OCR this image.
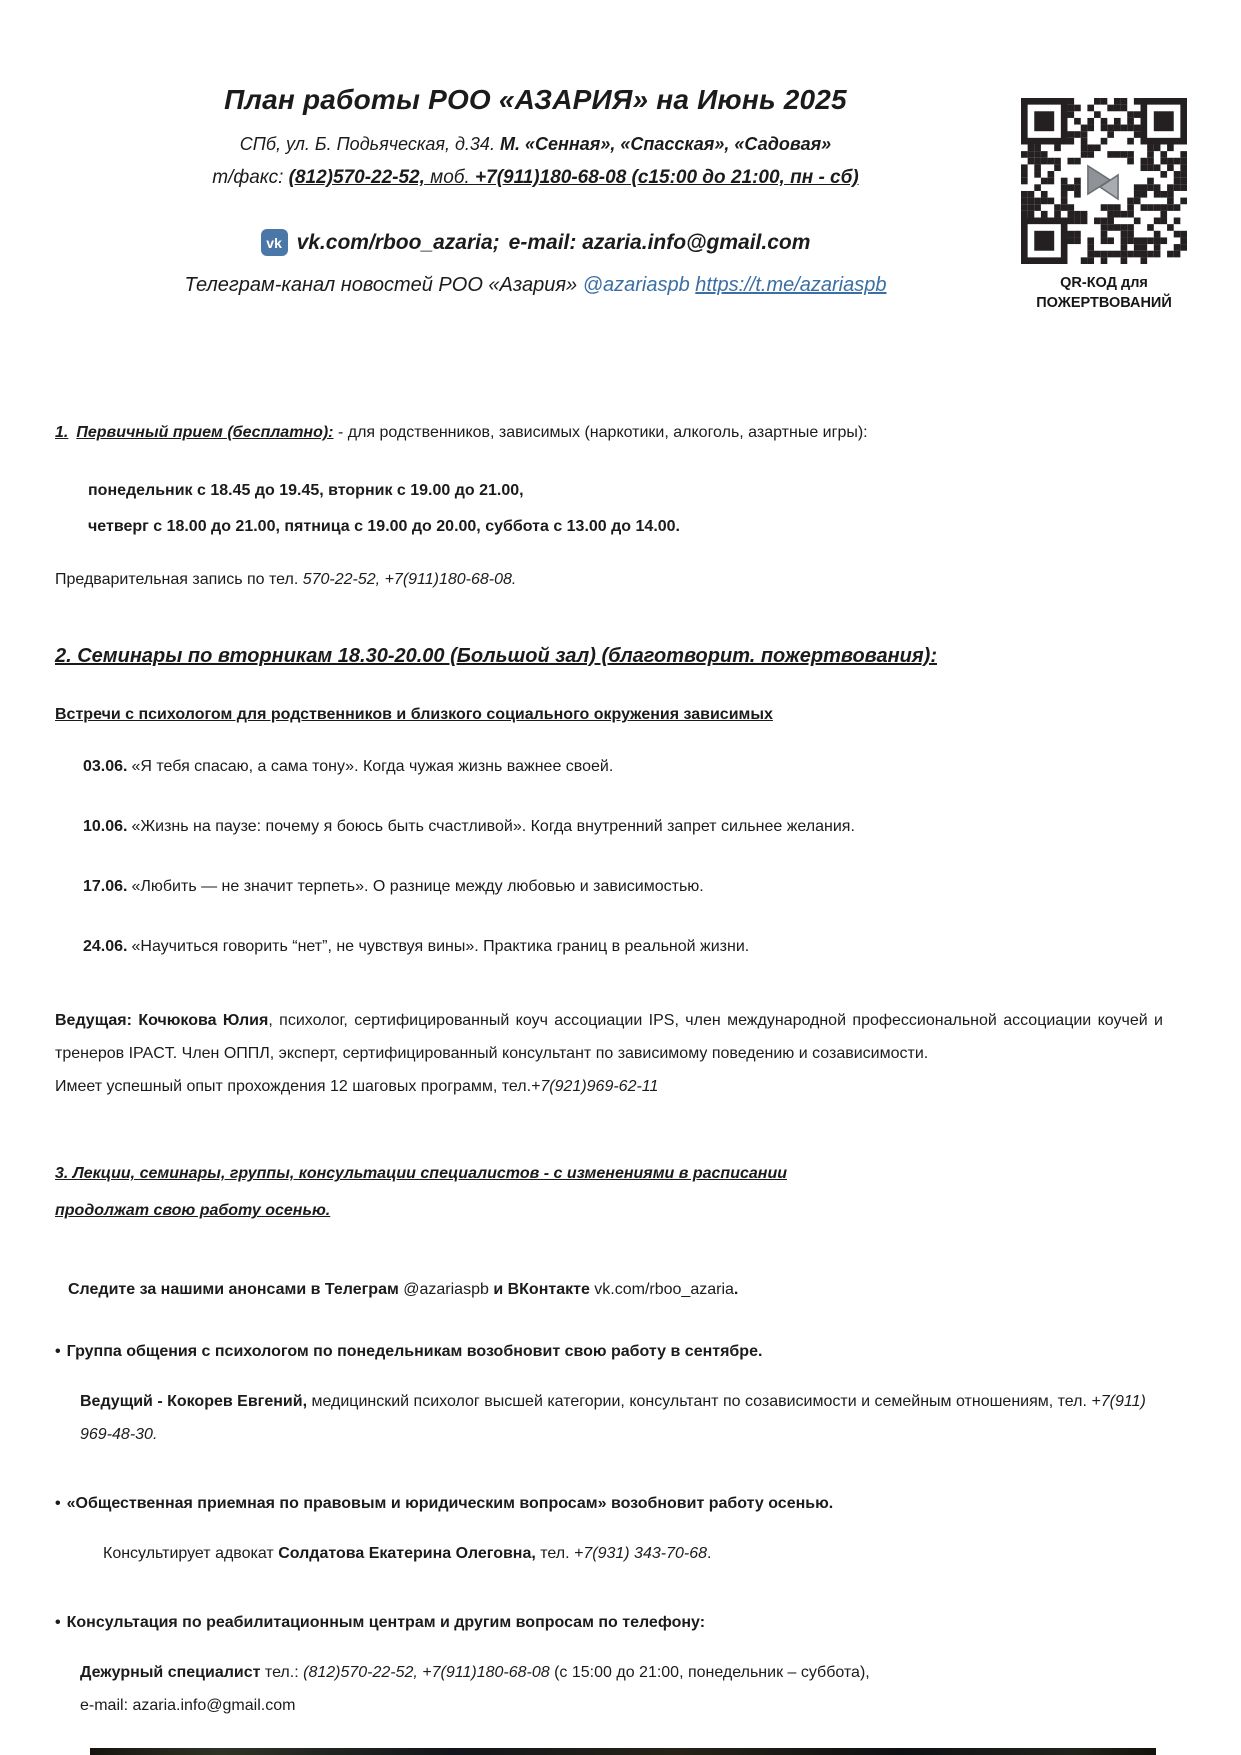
План работы РОО «АЗАРИЯ» на Июнь 2025

СПб, ул. Б. Подьяческая, д.34. М. «Сенная», «Спасская», «Садовая»

т/факс: (812)570-22-52, моб. +7(911)180-68-08 (с15:00 до 21:00, пн - сб)

vk vk.com/rboo_azaria; e-mail: azaria.info@gmail.com

Телеграм-канал новостей РОО «Азария» @azariaspb https://t.me/azariaspb	QR-КОД для
ПОЖЕРТВОВАНИЙ

1. Первичный прием (бесплатно): - для родственников, зависимых (наркотики, алкоголь, азартные игры):

понедельник с 18.45 до 19.45, вторник с 19.00 до 21.00,

четверг с 18.00 до 21.00, пятница с 19.00 до 20.00, суббота с 13.00 до 14.00.

Предварительная запись по тел. 570-22-52, +7(911)180-68-08.

2. Семинары по вторникам 18.30-20.00 (Большой зал) (благотворит. пожертвования):

Встречи с психологом для родственников и близкого социального окружения зависимых

03.06. «Я тебя спасаю, а сама тону». Когда чужая жизнь важнее своей.

10.06. «Жизнь на паузе: почему я боюсь быть счастливой». Когда внутренний запрет сильнее желания.

17.06. «Любить — не значит терпеть». О разнице между любовью и зависимостью.

24.06. «Научиться говорить “нет”, не чувствуя вины». Практика границ в реальной жизни.

Ведущая: Кочюкова Юлия, психолог, сертифицированный коуч ассоциации IPS, член международной профессиональной ассоциации коучей и тренеров IPACT. Член ОППЛ, эксперт, сертифицированный консультант по зависимому поведению и созависимости.
Имеет успешный опыт прохождения 12 шаговых программ, тел.+7(921)969-62-11

3. Лекции, семинары, группы, консультации специалистов - с изменениями в расписании
продолжат свою работу осенью.

Следите за нашими анонсами в Телеграм @azariaspb и ВКонтакте vk.com/rboo_azaria.

• Группа общения с психологом по понедельникам возобновит свою работу в сентябре.

Ведущий - Кокорев Евгений, медицинский психолог высшей категории, консультант по созависимости и семейным отношениям, тел. +7(911) 969-48-30.

• «Общественная приемная по правовым и юридическим вопросам» возобновит работу осенью.

Консультирует адвокат Солдатова Екатерина Олеговна, тел. +7(931) 343-70-68.

• Консультация по реабилитационным центрам и другим вопросам по телефону:

Дежурный специалист тел.: (812)570-22-52, +7(911)180-68-08 (с 15:00 до 21:00, понедельник – суббота),
e-mail: azaria.info@gmail.com
